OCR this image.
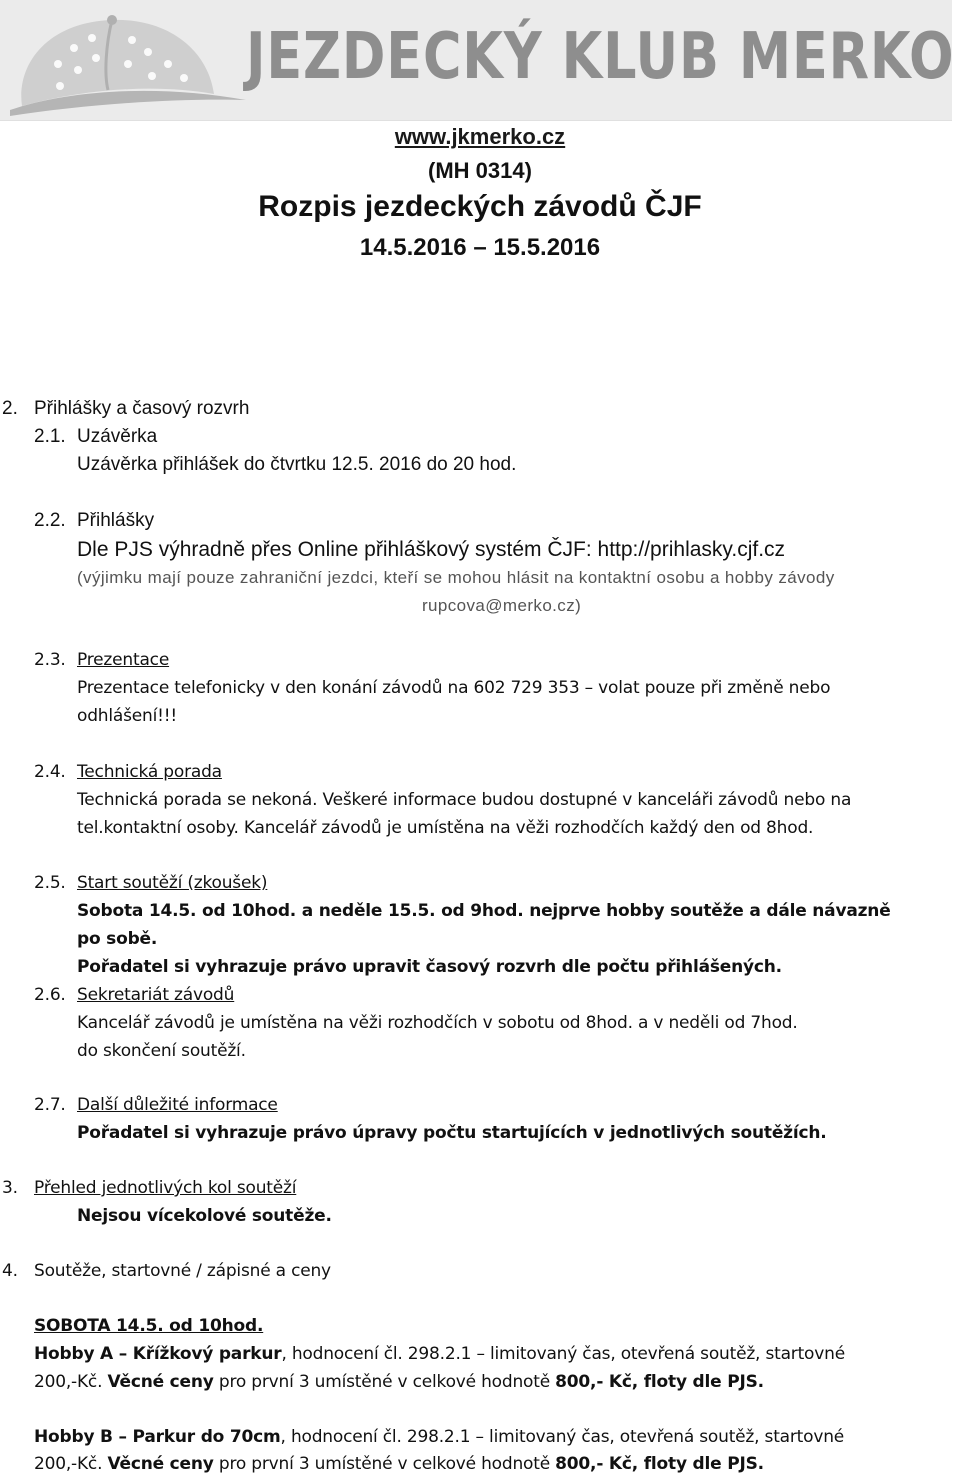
JEZDECKÝ KLUB MERKO
www.jkmerko.cz
(MH 0314)
Rozpis jezdeckých závodů ČJF
14.5.2016 – 15.5.2016
2. Přihlášky a časový rozvrh
2.1. Uzávěrka
Uzávěrka přihlášek do čtvrtku 12.5. 2016 do 20 hod.
2.2. Přihlášky
Dle PJS výhradně přes Online přihláškový systém ČJF: http://prihlasky.cjf.cz
(výjimku mají pouze zahraniční jezdci, kteří se mohou hlásit na kontaktní osobu a hobby závody
rupcova@merko.cz)
2.3. Prezentace
Prezentace telefonicky v den konání závodů na 602 729 353 – volat pouze při změně nebo
odhlášení!!!
2.4. Technická porada
Technická porada se nekoná. Veškeré informace budou dostupné v kanceláři závodů nebo na
tel.kontaktní osoby. Kancelář závodů je umístěna na věži rozhodčích každý den od 8hod.
2.5. Start soutěží (zkoušek)
Sobota 14.5. od 10hod. a neděle 15.5. od 9hod. nejprve hobby soutěže a dále návazně
po sobě.
Pořadatel si vyhrazuje právo upravit časový rozvrh dle počtu přihlášených.
2.6. Sekretariát závodů
Kancelář závodů je umístěna na věži rozhodčích v sobotu od 8hod. a v neděli od 7hod.
do skončení soutěží.
2.7. Další důležité informace
Pořadatel si vyhrazuje právo úpravy počtu startujících v jednotlivých soutěžích.
3. Přehled jednotlivých kol soutěží
Nejsou vícekolové soutěže.
4. Soutěže, startovné / zápisné a ceny
SOBOTA 14.5. od 10hod.
Hobby A – Křížkový parkur, hodnocení čl. 298.2.1 – limitovaný čas, otevřená soutěž, startovné
200,-Kč. Věcné ceny pro první 3 umístěné v celkové hodnotě 800,- Kč, floty dle PJS.
Hobby B – Parkur do 70cm, hodnocení čl. 298.2.1 – limitovaný čas, otevřená soutěž, startovné
200,-Kč. Věcné ceny pro první 3 umístěné v celkové hodnotě 800,- Kč, floty dle PJS.
